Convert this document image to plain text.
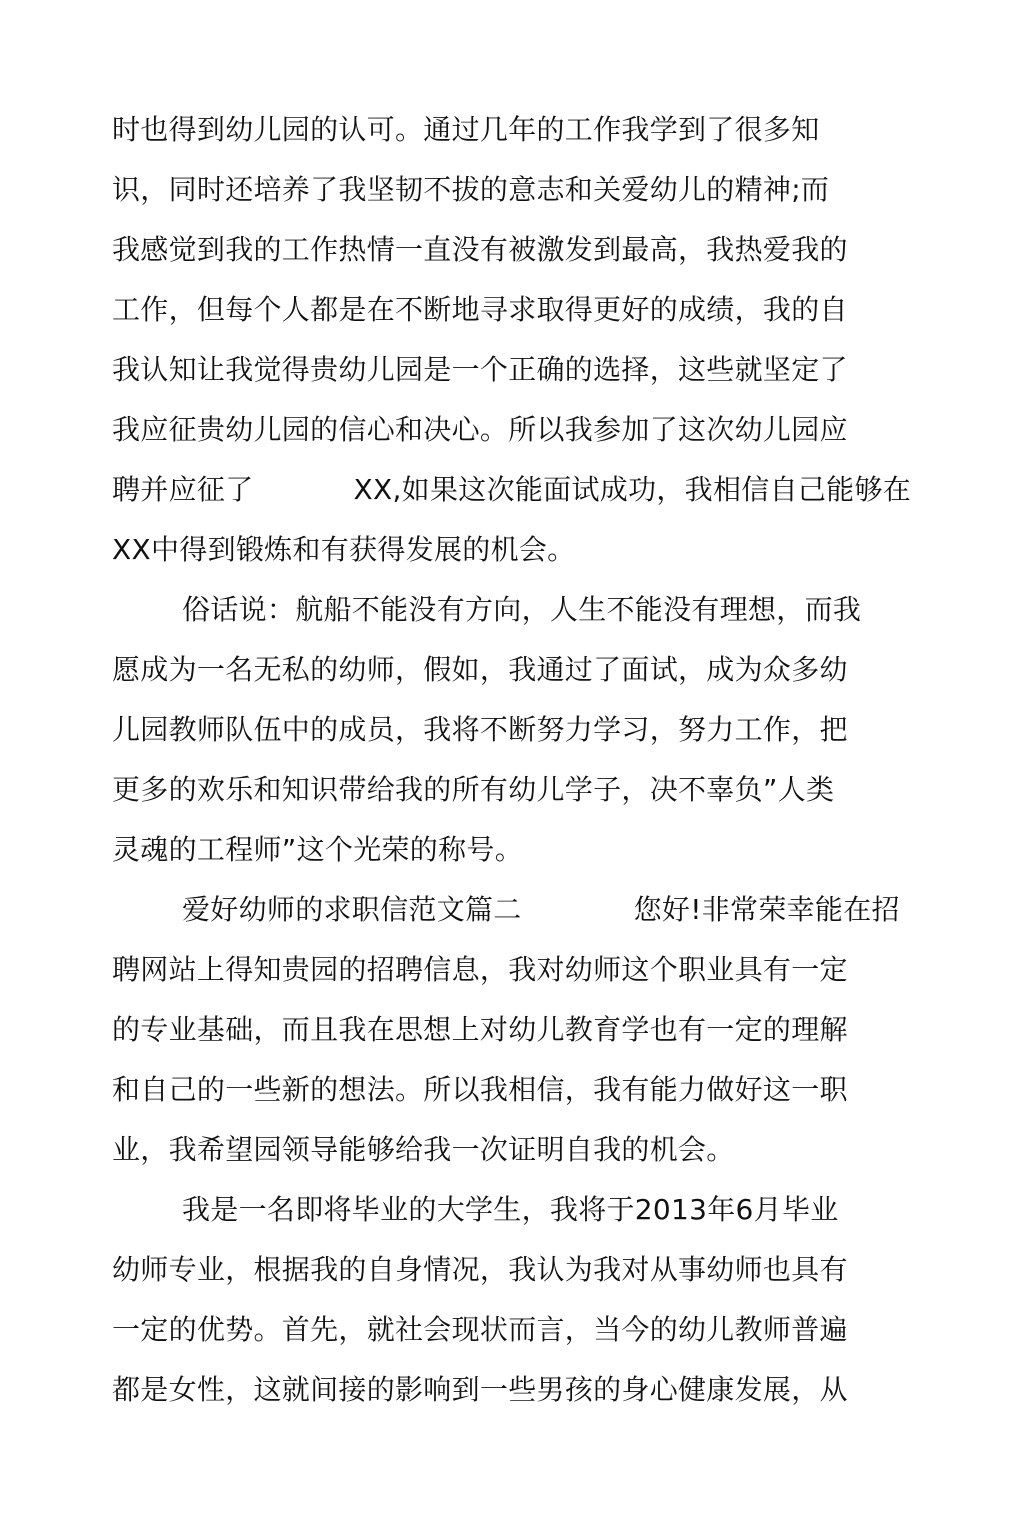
时也得到幼儿园的认可。通过几年的工作我学到了很多知
识，同时还培养了我坚韧不拔的意志和关爱幼儿的精神;而
我感觉到我的工作热情一直没有被激发到最高，我热爱我的
工作，但每个人都是在不断地寻求取得更好的成绩，我的自
我认知让我觉得贵幼儿园是一个正确的选择，这些就坚定了
我应征贵幼儿园的信心和决心。所以我参加了这次幼儿园应
聘并应征了	XX,如果这次能面试成功，我相信自己能够在
XX中得到锻炼和有获得发展的机会。
俗话说：航船不能没有方向，人生不能没有理想，而我
愿成为一名无私的幼师，假如，我通过了面试，成为众多幼
儿园教师队伍中的成员，我将不断努力学习，努力工作，把
更多的欢乐和知识带给我的所有幼儿学子，决不辜负”人类
灵魂的工程师”这个光荣的称号。
爱好幼师的求职信范文篇二	您好!非常荣幸能在招
聘网站上得知贵园的招聘信息，我对幼师这个职业具有一定
的专业基础，而且我在思想上对幼儿教育学也有一定的理解
和自己的一些新的想法。所以我相信，我有能力做好这一职
业，我希望园领导能够给我一次证明自我的机会。
我是一名即将毕业的大学生，我将于2013年6月毕业
幼师专业，根据我的自身情况，我认为我对从事幼师也具有
一定的优势。首先，就社会现状而言，当今的幼儿教师普遍
都是女性，这就间接的影响到一些男孩的身心健康发展，从
